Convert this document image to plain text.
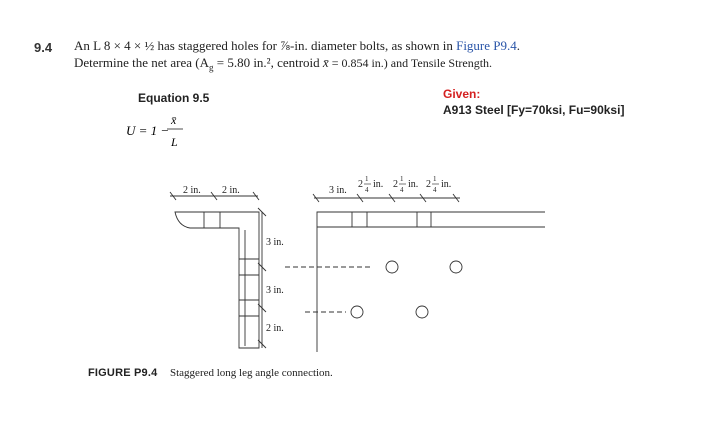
9.4 An L 8 × 4 × ½ has staggered holes for ⅞-in. diameter bolts, as shown in Figure P9.4.
Determine the net area ($A_g = 5.80$ in.², centroid x̄ = 0.854 in.) and Tensile Strength.
Equation 9.5	Given:
A913 Steel [Fy=70ksi, Fu=90ksi]
U = 1 −
x̄
L
2 in. 2 in.
3 in.
3 in.
2 in.
3 in.
2 1
4 in. 2 1
4 in. 2 1
4 in.
FIGURE P9.4 Staggered long leg angle connection.
